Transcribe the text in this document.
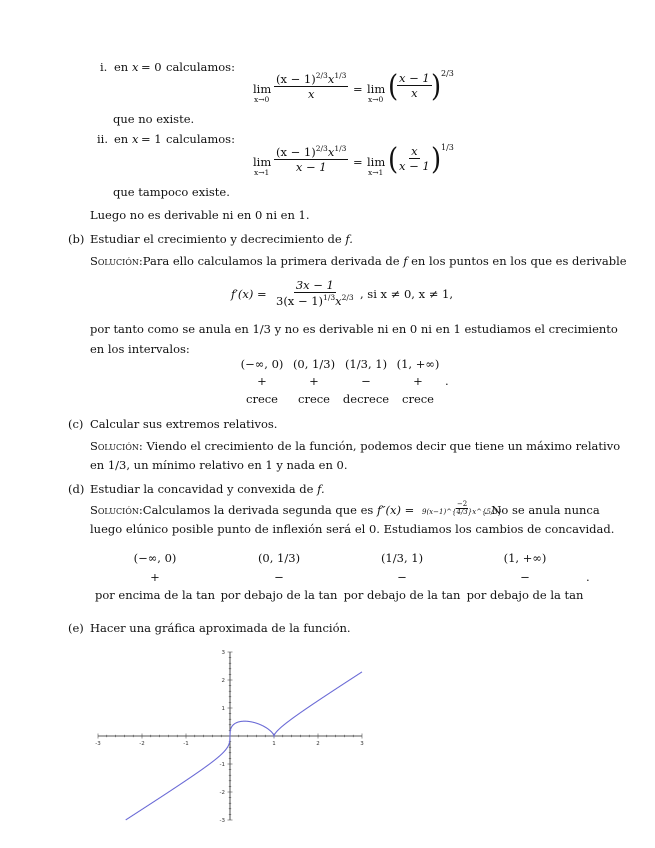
i. en x = 0 calculamos:
lim
$x\to 0 \frac{(x - 1)^{2/3}x^{1/3}}{x} = \lim$
x→0 (
$\frac{x - 1}{x}$ ) 2/3
que no existe.
ii. en x = 1 calculamos:
lim
$x\to 1 \frac{(x - 1)^{2/3}x^{1/3}}{x - 1} = \lim$
x→1 (
$\frac{x}{x - 1}$ ) 1/3
que tampoco existe.
Luego no es derivable ni en 0 ni en 1.
(b) Estudiar el crecimiento y decrecimiento de f.
Solución:Para ello calculamos la primera derivada de f en los puntos en los que es derivable
$f'(x) = \frac{3x - 1}{3(x - 1)^{1/3}x^{2/3}}$ , si x ≠ 0, x ≠ 1,
por tanto como se anula en 1/3 y no es derivable ni en 0 ni en 1 estudiamos el crecimiento
en los intervalos:
(−∞, 0) (0, 1/3) (1/3, 1) (1, +∞)
+	+	−	+ .
crece crece decrece crece
(c) Calcular sus extremos relativos.
Solución: Viendo el crecimiento de la función, podemos decir que tiene un máximo relativo
en 1/3, un mínimo relativo en 1 y nada en 0.
(d) Estudiar la concavidad y convexida de f.
Solución:Calculamos la derivada segunda que es $f''(x) = \frac{-2}{9(x-1)\^{}\{4/3\}x\^{}\{5/3\}}$
. No se anula nunca
luego elúnico posible punto de inflexión será el 0. Estudiamos los cambios de concavidad.
(−∞, 0)	(0, 1/3)	(1/3, 1)	(1, +∞)
+	−	−	−	.
por encima de la tan por debajo de la tan por debajo de la tan por debajo de la tan
(e) Hacer una gráfica aproximada de la función.
-3	-2	-1	1	2	3
-3
-2
-1
1
2
3
